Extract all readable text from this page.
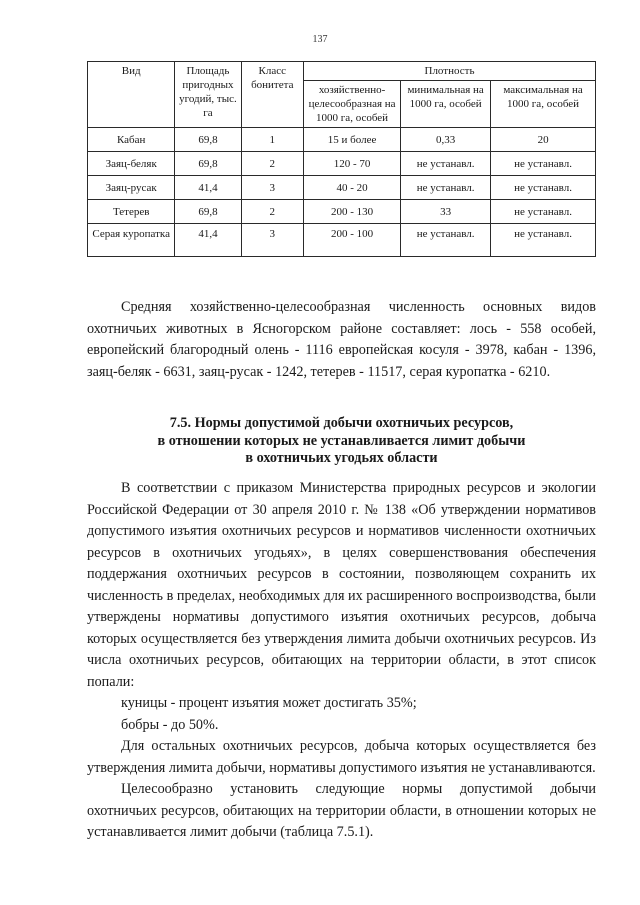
137
Вид	Площадь пригодных угодий, тыс. га	Класс бонитета	Плотность		
			хозяйственно-целесообразная на 1000 га, особей	минимальная на 1000 га, особей	максимальная на 1000 га, особей
Кабан	69,8	1	15 и более	0,33	20
Заяц-беляк	69,8	2	120 - 70	не устанавл.	не устанавл.
Заяц-русак	41,4	3	40 - 20	не устанавл.	не устанавл.
Тетерев	69,8	2	200 - 130	33	не устанавл.
Серая куропатка	41,4	3	200 - 100	не устанавл.	не устанавл.

Средняя хозяйственно-целесообразная численность основных видов охотничьих животных в Ясногорском районе составляет: лось - 558 особей, европейский благородный олень - 1116 европейская косуля - 3978, кабан - 1396, заяц-беляк - 6631, заяц-русак - 1242, тетерев - 11517, серая куропатка - 6210.

7.5. Нормы допустимой добычи охотничьих ресурсов,
в отношении которых не устанавливается лимит добычи
в охотничьих угодьях области

В соответствии с приказом Министерства природных ресурсов и экологии Российской Федерации от 30 апреля 2010 г. № 138 «Об утверждении нормативов допустимого изъятия охотничьих ресурсов и нормативов численности охотничьих ресурсов в охотничьих угодьях», в целях совершенствования обеспечения поддержания охотничьих ресурсов в состоянии, позволяющем сохранить их численность в пределах, необходимых для их расширенного воспроизводства, были утверждены нормативы допустимого изъятия охотничьих ресурсов, добыча которых осуществляется без утверждения лимита добычи охотничьих ресурсов. Из числа охотничьих ресурсов, обитающих на территории области, в этот список попали:

куницы - процент изъятия может достигать 35%;

бобры - до 50%.

Для остальных охотничьих ресурсов, добыча которых осуществляется без утверждения лимита добычи, нормативы допустимого изъятия не устанавливаются.

Целесообразно установить следующие нормы допустимой добычи охотничьих ресурсов, обитающих на территории области, в отношении которых не устанавливается лимит добычи (таблица 7.5.1).
